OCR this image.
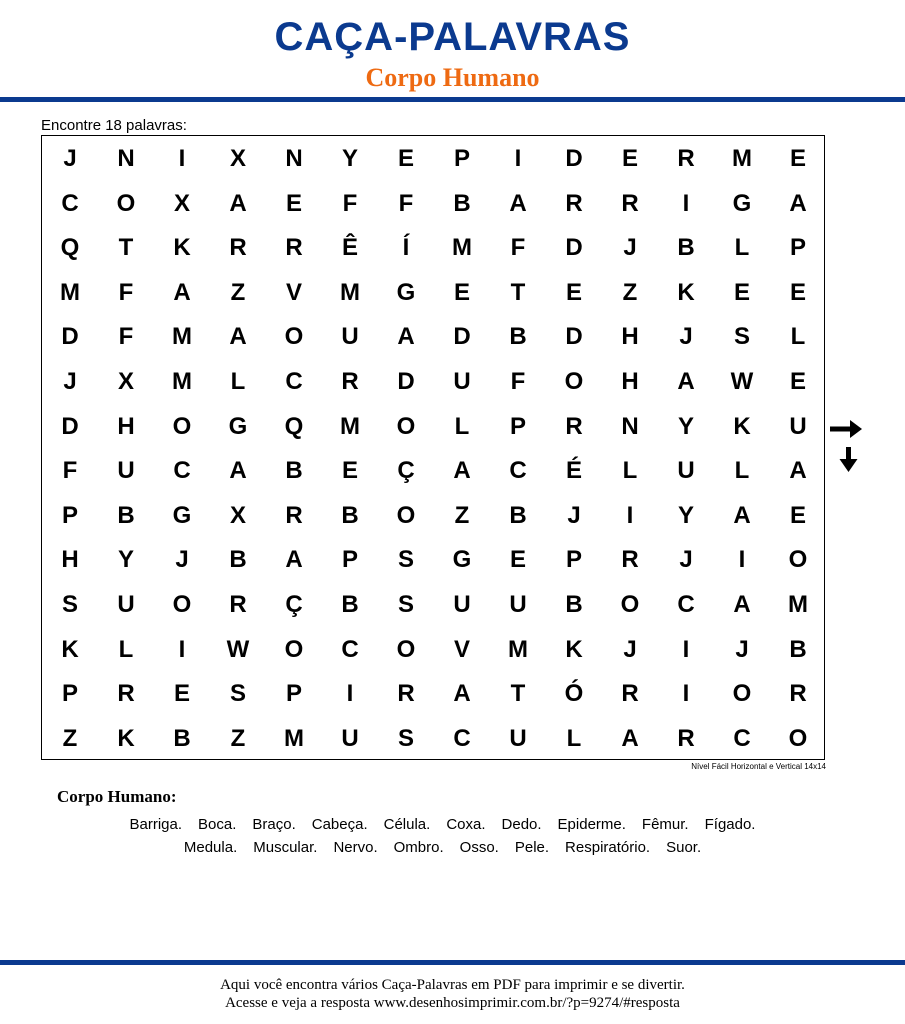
CAÇA-PALAVRAS
Corpo Humano
Encontre 18 palavras:
J	N	I	X	N	Y	E	P	I	D	E	R	M	E
C	O	X	A	E	F	F	B	A	R	R	I	G	A
Q	T	K	R	R	Ê	Í	M	F	D	J	B	L	P
M	F	A	Z	V	M	G	E	T	E	Z	K	E	E
D	F	M	A	O	U	A	D	B	D	H	J	S	L
J	X	M	L	C	R	D	U	F	O	H	A	W	E
D	H	O	G	Q	M	O	L	P	R	N	Y	K	U
F	U	C	A	B	E	Ç	A	C	É	L	U	L	A
P	B	G	X	R	B	O	Z	B	J	I	Y	A	E
H	Y	J	B	A	P	S	G	E	P	R	J	I	O
S	U	O	R	Ç	B	S	U	U	B	O	C	A	M
K	L	I	W	O	C	O	V	M	K	J	I	J	B
P	R	E	S	P	I	R	A	T	Ó	R	I	O	R
Z	K	B	Z	M	U	S	C	U	L	A	R	C	O
Nível Fácil Horizontal e Vertical 14x14
Corpo Humano:
Barriga. Boca. Braço. Cabeça. Célula. Coxa. Dedo. Epiderme. Fêmur. Fígado.
Medula. Muscular. Nervo. Ombro. Osso. Pele. Respiratório. Suor.
Aqui você encontra vários Caça-Palavras em PDF para imprimir e se divertir.
Acesse e veja a resposta www.desenhosimprimir.com.br/?p=9274/#resposta
